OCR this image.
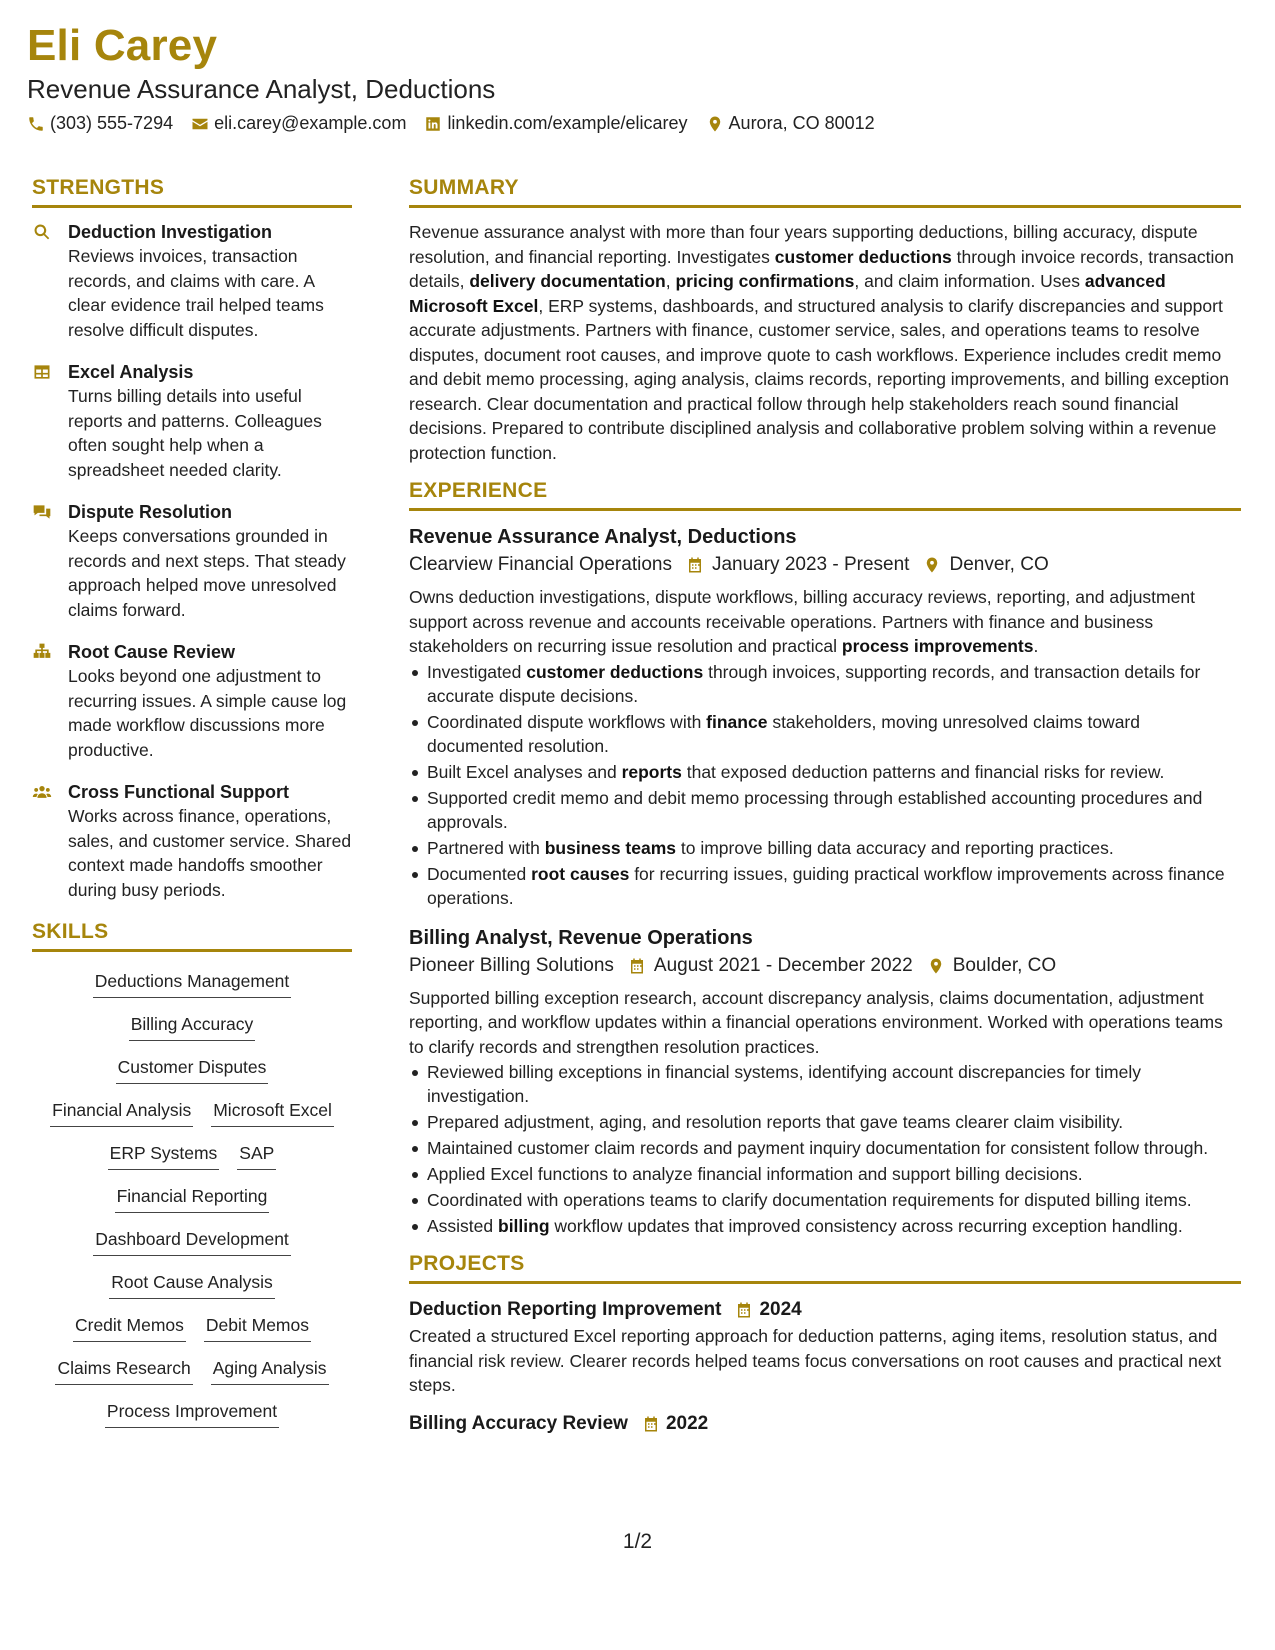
Eli Carey
Revenue Assurance Analyst, Deductions
(303) 555-7294 eli.carey@example.com linkedin.com/example/elicarey Aurora, CO 80012
STRENGTHS
Deduction Investigation
Reviews invoices, transaction records, and claims with care. A clear evidence trail helped teams resolve difficult disputes.
Excel Analysis
Turns billing details into useful reports and patterns. Colleagues often sought help when a spreadsheet needed clarity.
Dispute Resolution
Keeps conversations grounded in records and next steps. That steady approach helped move unresolved claims forward.
Root Cause Review
Looks beyond one adjustment to recurring issues. A simple cause log made workflow discussions more productive.
Cross Functional Support
Works across finance, operations, sales, and customer service. Shared context made handoffs smoother during busy periods.
SKILLS
Deductions Management
Billing Accuracy
Customer Disputes
Financial Analysis Microsoft Excel
ERP Systems SAP
Financial Reporting
Dashboard Development
Root Cause Analysis
Credit Memos Debit Memos
Claims Research Aging Analysis
Process Improvement
SUMMARY

Revenue assurance analyst with more than four years supporting deductions, billing accuracy, dispute resolution, and financial reporting. Investigates customer deductions through invoice records, transaction details, delivery documentation, pricing confirmations, and claim information. Uses advanced Microsoft Excel, ERP systems, dashboards, and structured analysis to clarify discrepancies and support accurate adjustments. Partners with finance, customer service, sales, and operations teams to resolve disputes, document root causes, and improve quote to cash workflows. Experience includes credit memo and debit memo processing, aging analysis, claims records, reporting improvements, and billing exception research. Clear documentation and practical follow through help stakeholders reach sound financial decisions. Prepared to contribute disciplined analysis and collaborative problem solving within a revenue protection function.

EXPERIENCE
Revenue Assurance Analyst, Deductions
Clearview Financial Operations January 2023 - Present Denver, CO

Owns deduction investigations, dispute workflows, billing accuracy reviews, reporting, and adjustment support across revenue and accounts receivable operations. Partners with finance and business stakeholders on recurring issue resolution and practical process improvements.

Investigated customer deductions through invoices, supporting records, and transaction details for accurate dispute decisions.
Coordinated dispute workflows with finance stakeholders, moving unresolved claims toward documented resolution.
Built Excel analyses and reports that exposed deduction patterns and financial risks for review.
Supported credit memo and debit memo processing through established accounting procedures and approvals.
Partnered with business teams to improve billing data accuracy and reporting practices.
Documented root causes for recurring issues, guiding practical workflow improvements across finance operations.
Billing Analyst, Revenue Operations
Pioneer Billing Solutions August 2021 - December 2022 Boulder, CO

Supported billing exception research, account discrepancy analysis, claims documentation, adjustment reporting, and workflow updates within a financial operations environment. Worked with operations teams to clarify records and strengthen resolution practices.

Reviewed billing exceptions in financial systems, identifying account discrepancies for timely investigation.
Prepared adjustment, aging, and resolution reports that gave teams clearer claim visibility.
Maintained customer claim records and payment inquiry documentation for consistent follow through.
Applied Excel functions to analyze financial information and support billing decisions.
Coordinated with operations teams to clarify documentation requirements for disputed billing items.
Assisted billing workflow updates that improved consistency across recurring exception handling.
PROJECTS
Deduction Reporting Improvement 2024

Created a structured Excel reporting approach for deduction patterns, aging items, resolution status, and financial risk review. Clearer records helped teams focus conversations on root causes and practical next steps.

Billing Accuracy Review 2022
1/2
